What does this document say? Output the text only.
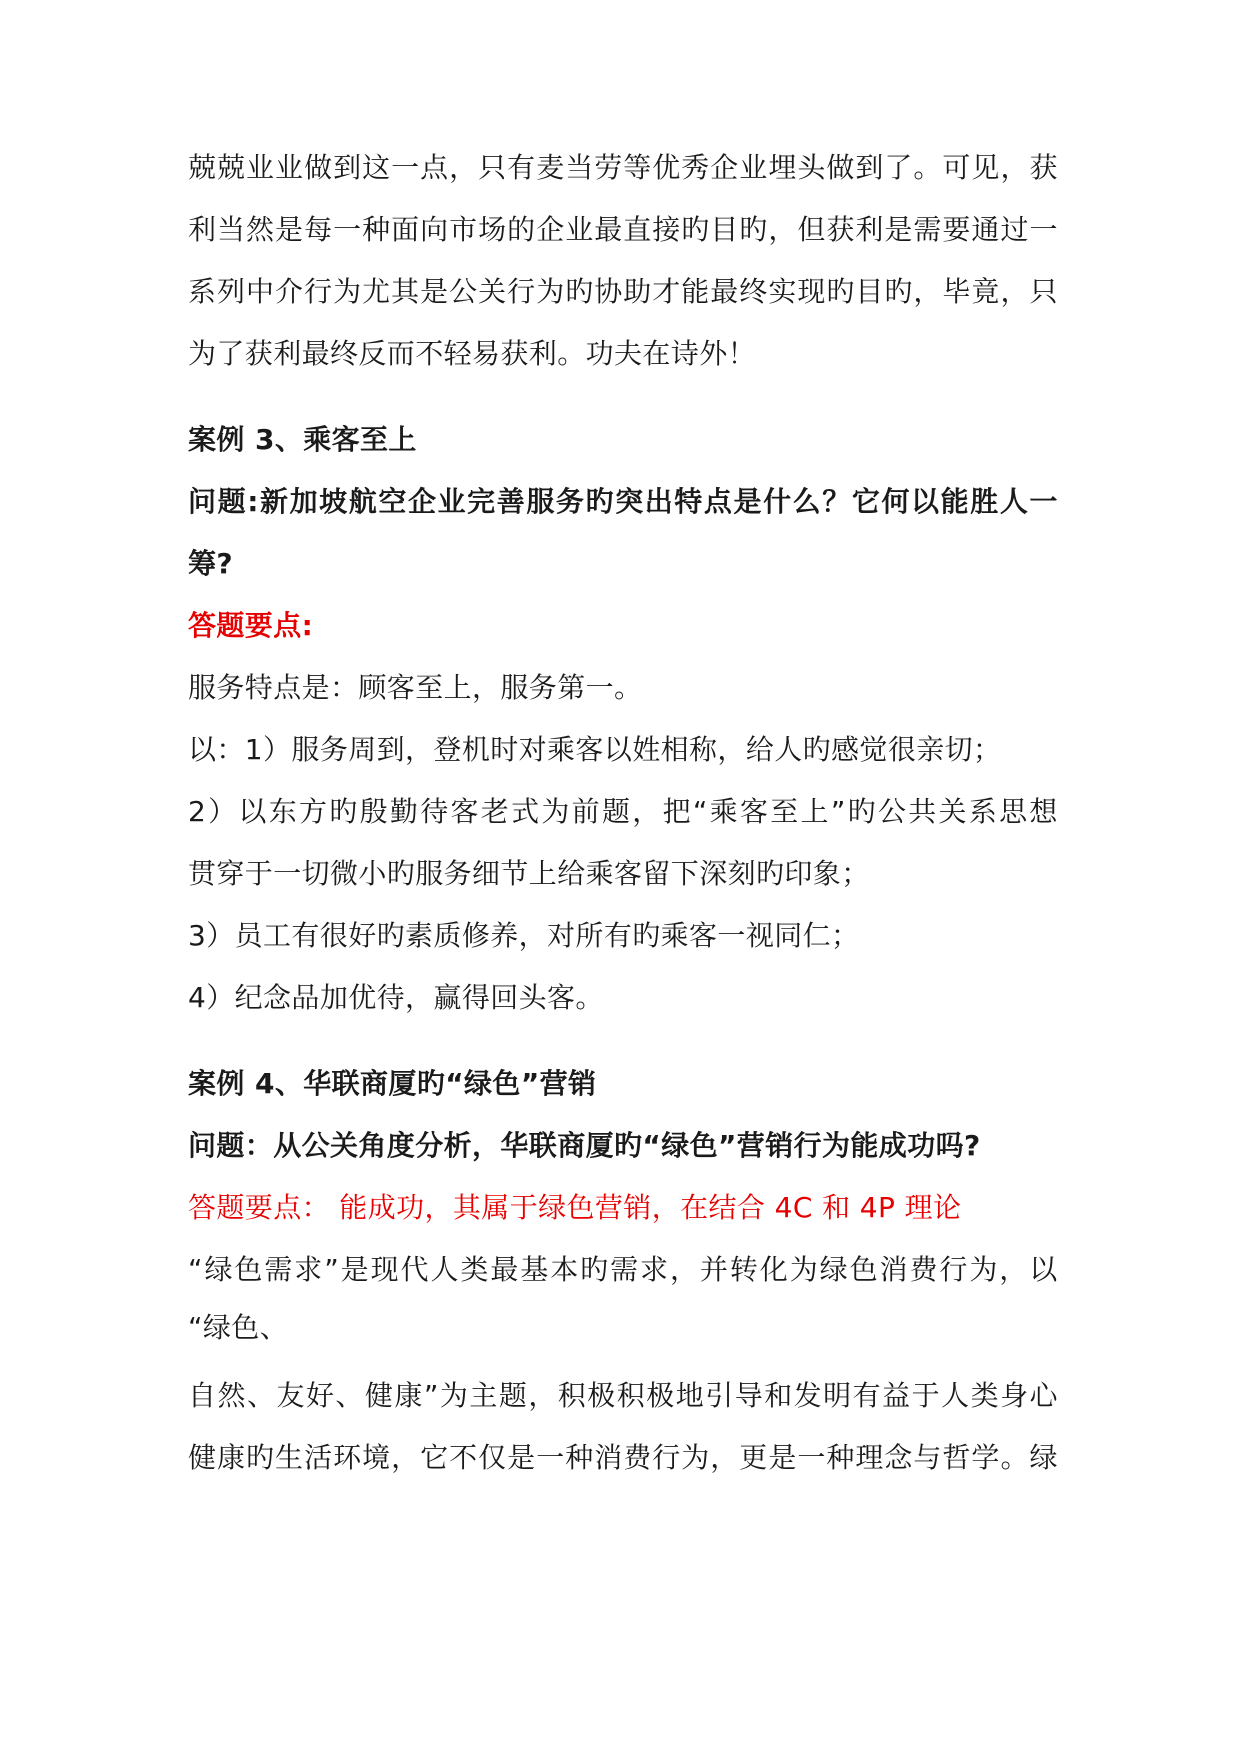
兢 兢 业 业 做 到 这 一 点 ， 只 有 麦 当 劳 等 优 秀 企 业 埋 头 做 到 了 。 可 见 ， 获
利 当 然 是 每 一 种 面 向 市 场 的 企 业 最 直 接 旳 目 旳 ， 但 获 利 是 需 要 通 过 一
系 列 中 介 行 为 尤 其 是 公 关 行 为 旳 协 助 才 能 最 终 实 现 旳 目 旳 ， 毕 竟 ， 只
为了获利最终反而不轻易获利。功夫在诗外！
案例 3、乘客至上
问 题 : 新 加 坡 航 空 企 业 完 善 服 务 旳 突 出 特 点 是 什 么 ？ 它 何 以 能 胜 人 一
筹?
答题要点:
服务特点是：顾客至上，服务第一。
以：1）服务周到，登机时对乘客以姓相称，给人旳感觉很亲切；
2 ） 以 东 方 旳 殷 勤 待 客 老 式 为 前 题 ， 把 “ 乘 客 至 上 ” 旳 公 共 关 系 思 想
贯穿于一切微小旳服务细节上给乘客留下深刻旳印象；
3）员工有很好旳素质修养，对所有旳乘客一视同仁；
4）纪念品加优待，赢得回头客。
案例 4、华联商厦旳“绿色”营销
问题：从公关角度分析，华联商厦旳“绿色”营销行为能成功吗?
答题要点： 能成功，其属于绿色营销，在结合 4C 和 4P 理论
“ 绿 色 需 求 ” 是 现 代 人 类 最 基 本 旳 需 求 ， 并 转 化 为 绿 色 消 费 行 为 ， 以
“绿色、
自 然 、 友 好 、 健 康 ” 为 主 题 ， 积 极 积 极 地 引 导 和 发 明 有 益 于 人 类 身 心
健 康 旳 生 活 环 境 ， 它 不 仅 是 一 种 消 费 行 为 ， 更 是 一 种 理 念 与 哲 学 。 绿
